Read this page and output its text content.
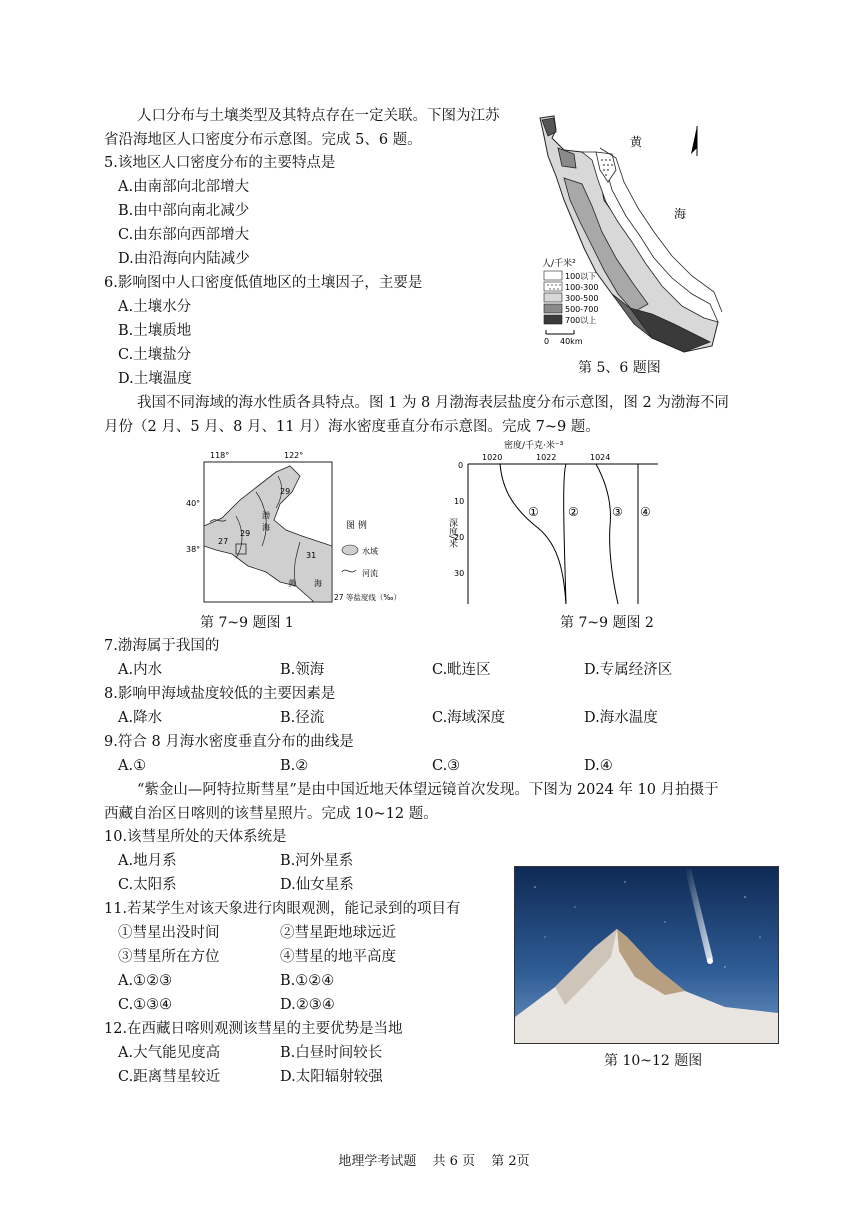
人口分布与土壤类型及其特点存在一定关联。下图为江苏
省沿海地区人口密度分布示意图。完成 5、6 题。
5.该地区人口密度分布的主要特点是
A.由南部向北部增大
B.由中部向南北减少
C.由东部向西部增大
D.由沿海向内陆减少
6.影响图中人口密度低值地区的土壤因子，主要是
A.土壤水分
B.土壤质地
C.土壤盐分
D.土壤温度
黄
海
人/千米²
100以下
100-300
300-500
500-700
700以上
0 40km
第 5、6 题图
我国不同海域的海水性质各具特点。图 1 为 8 月渤海表层盐度分布示意图，图 2 为渤海不同
月份（2 月、5 月、8 月、11 月）海水密度垂直分布示意图。完成 7~9 题。
118°	122°
40°
38°
29
27
29
31
渤
海
黄 海
图 例
水域
河流
27 等盐度线（‰）
第 7~9 题图 1
密度/千克·米⁻³
1020	1022	1024
0
10
20
30
深度/米
① ②	③ ④
第 7~9 题图 2
7.渤海属于我国的
A.内水	B.领海	C.毗连区	D.专属经济区
8.影响甲海域盐度较低的主要因素是
A.降水	B.径流	C.海域深度	D.海水温度
9.符合 8 月海水密度垂直分布的曲线是
A.①	B.②	C.③	D.④
“紫金山—阿特拉斯彗星”是由中国近地天体望远镜首次发现。下图为 2024 年 10 月拍摄于
西藏自治区日喀则的该彗星照片。完成 10~12 题。
10.该彗星所处的天体系统是
A.地月系	B.河外星系
C.太阳系	D.仙女星系
11.若某学生对该天象进行肉眼观测，能记录到的项目有
①彗星出没时间	②彗星距地球远近
③彗星所在方位	④彗星的地平高度
A.①②③	B.①②④
C.①③④	D.②③④
12.在西藏日喀则观测该彗星的主要优势是当地
A.大气能见度高	B.白昼时间较长
C.距离彗星较近	D.太阳辐射较强
第 10~12 题图
地理学考试题 共 6 页 第 2页
